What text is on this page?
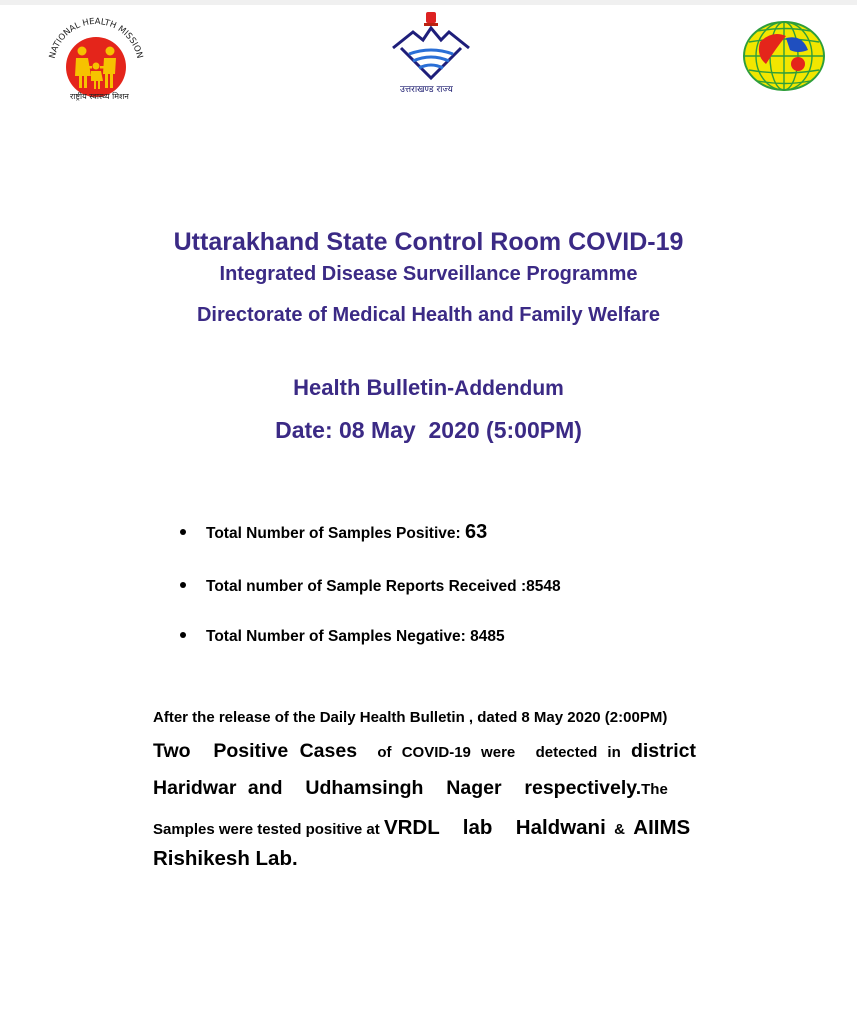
NATIONAL HEALTH MISSION
राष्ट्रीय स्वास्थ्य मिशन
उत्तराखण्ड राज्य
Uttarakhand State Control Room COVID-19
Integrated Disease Surveillance Programme
Directorate of Medical Health and Family Welfare
Health Bulletin-Addendum
Date: 08 May  2020 (5:00PM)
Total Number of Samples Positive: 63
Total number of Sample Reports Received :8548
Total Number of Samples Negative: 8485
After the release of the Daily Health Bulletin , dated 8 May 2020 (2:00PM)
Two  Positive Cases  of COVID-19 were  detected in district
Haridwar and  Udhamsingh  Nager  respectively.The
Samples were tested positive at VRDL  lab  Haldwani  &  AIIMS
Rishikesh Lab.
